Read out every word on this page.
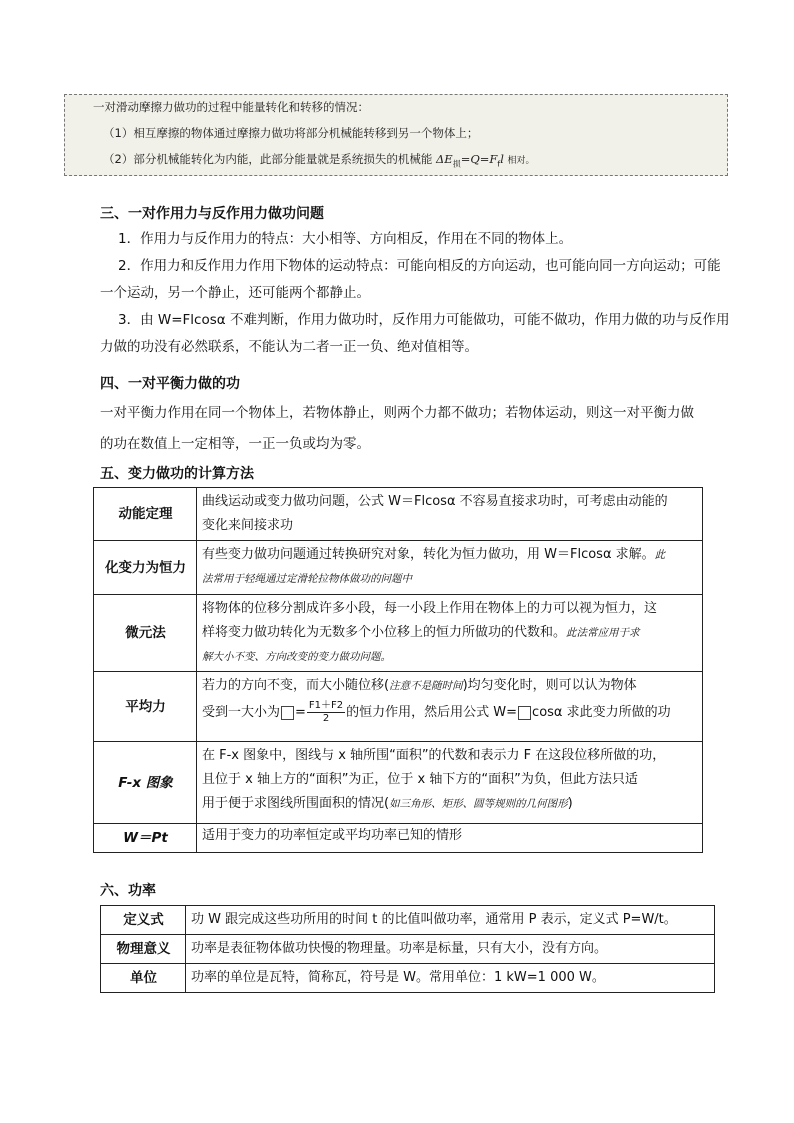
一对滑动摩擦力做功的过程中能量转化和转移的情况：
（1）相互摩擦的物体通过摩擦力做功将部分机械能转移到另一个物体上；
（2）部分机械能转化为内能，此部分能量就是系统损失的机械能 $\Delta E_损=Q=F_fl$ 相对。
三、一对作用力与反作用力做功问题
1．作用力与反作用力的特点：大小相等、方向相反，作用在不同的物体上。
2．作用力和反作用力作用下物体的运动特点：可能向相反的方向运动，也可能向同一方向运动；可能
一个运动，另一个静止，还可能两个都静止。
3．由 W=Flcosα 不难判断，作用力做功时，反作用力可能做功，可能不做功，作用力做的功与反作用
力做的功没有必然联系，不能认为二者一正一负、绝对值相等。
四、一对平衡力做的功
一对平衡力作用在同一个物体上，若物体静止，则两个力都不做功；若物体运动，则这一对平衡力做
的功在数值上一定相等，一正一负或均为零。
五、变力做功的计算方法
动能定理	曲线运动或变力做功问题，公式 W＝Flcosα 不容易直接求功时，可考虑由动能的
变化来间接求功

化变力为恒力	有些变力做功问题通过转换研究对象，转化为恒力做功，用 W＝Flcosα 求解。此
法常用于轻绳通过定滑轮拉物体做功的问题中

微元法	将物体的位移分割成许多小段，每一小段上作用在物体上的力可以视为恒力，这
样将变力做功转化为无数多个小位移上的恒力所做功的代数和。此法常应用于求
解大小不变、方向改变的变力做功问题。

平均力	若力的方向不变，而大小随位移(注意不是随时间)均匀变化时，则可以认为物体
受到一大小为 = $\frac{F1+F2}{2}$ 的恒力作用，然后用公式 W= cosα 求此变力所做的功

F-x 图象	在 F-x 图象中，图线与 x 轴所围“面积”的代数和表示力 F 在这段位移所做的功，
且位于 x 轴上方的“面积”为正，位于 x 轴下方的“面积”为负，但此方法只适
用于便于求图线所围面积的情况(如三角形、矩形、圆等规则的几何图形)

W＝Pt	适用于变力的功率恒定或平均功率已知的情形
六、功率
定义式	功 W 跟完成这些功所用的时间 t 的比值叫做功率，通常用 P 表示，定义式 P=W/t。
物理意义	功率是表征物体做功快慢的物理量。功率是标量，只有大小，没有方向。
单位	功率的单位是瓦特，简称瓦，符号是 W。常用单位：1 kW=1 000 W。
